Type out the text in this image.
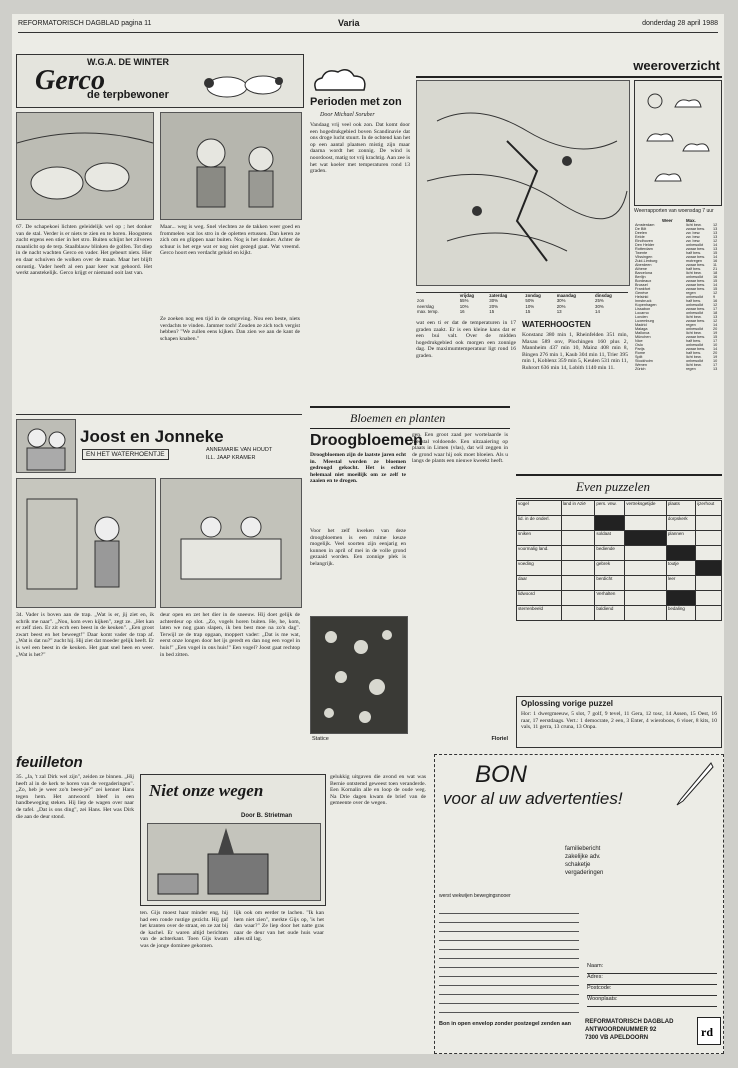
REFORMATORISCH DAGBLAD pagina 11	Varia	donderdag 28 april 1988
W.G.A. DE WINTER
Gerco
de terpbewoner
67. De schapekoei lichten geleidelijk wel op ; het donker van de stal. Verder is er niets te zien en te horen. Hoogstens zucht ergens een stier in het stro. Buiten schijnt het zilveren maanlicht op de terp. Staalblauw blinken de golfen. Tot diep in de nacht wachten Gerco en vader. Het gebeurt niets. Hier en daar schuiven de wolken over de maan. Maar het blijft onrustig. Vader heeft al een paar keer wat gehoord. Het werkt aanstekelijk. Gerco krijgt er niemand ooit last van.
Maar... weg is weg. Snel vlechten ze de takken weer goed en frommelen wat los stro in de opletten ertussen. Dan keren ze zich om en glippen naar buiten. Nog is het donker. Achter de schuur is het erge wat er nog niet gezegd gaat. Wat vreemd. Gerco hoort een verdacht geluid en kijkt.
Ze zoeken nog een tijd in de omgeving. Nou een beste, niets verdachts te vinden. Jammer toch! Zouden ze zich toch vergist hebben? "We zullen eens kijken. Dan zien we aan de kant de schapen knaben."
Joost en Jonneke
EN HET WATERHOENTJE
ANNEMARIE VAN HOUDT
ILL. JAAP KRAMER
34. Vader is boven aan de trap. „Wat is er, jij ziet en, ik schrik me naar". „Nou, kom even kijken", zegt ze. „Het kan er zelf zien. Er zit ecrh een beest in de keuken". „Een groot zwart beest en het beweegt!" Daar komt vader de trap af. „Wat is dat nu?" zucht hij. Hij ziet dat moeder gelijk heeft. Er is wel een beest in de keuken. Het gaat snel heen en weer. „Wat is het?"
deur open en zet het dier in de sneeuw. Hij doet gelijk de achterdeur op slot. „Zo, vogels horen buiten. He, he, kom, laten we nog gaan slapen, ik ben best moe na zo'n dag". Terwijl ze de trap opgaan, moppert vader: „Dat is me wat, eerst onze longen door het ijs geredt en dan nog een vogel in huis!" „Een vogel in ons huis!" Een vogel? Joost gaat rechtop in bed zitten.
feuilleton
35. „Ja, 't zal Dirk wel zijn", zeiden ze binnen. „Hij heeft al in de kerk te horen van de vergaderingen". „Zo, heb je weer zo'n beest-je?" zei kenner Hans tegen hem. Het antwoord bleef in een handbeweging steken. Hij liep de wagen over naar de tafel. „Dat is ons ding", zei Hans. Het was Dirk die aan de deur stond.
Niet onze wegen
Door B. Strietman
ten. Gijs moest haar minder eng, hij had een ronde rustige gezicht. Hij gaf het kranten over de straat, en ze zat bij de kachel. Er waren altijd berichten van de achterkant. Toen Gijs kwam was de jonge dominee gekomen.
lijk ook om eerder te lachen. "Ik kan hem niet zien", merkte Gijs op, 'is het dan waar?" Ze liep door het natte gras naar de deur van het oude huis waar alles stil lag.
gelukkig uitgaven die avond en wat was Bernie ontstemd geweest toen veranderde. Een Kornalin alle en loop de oude weg. Na Drie dagen kwam de brief van de gemeente over de wegen.
Perioden met zon
Door Michael Soruber
Vandaag vrij veel ook zon. Dat komt door een hogedrukgebied boven Scandinavie dat ons droge lucht stuurt. In de ochtend kan het op een aantal plaatsen mistig zijn maar daarna wordt het zonnig. De wind is noordoost, matig tot vrij krachtig. Aan zee is het wat koeler met temperaturen rond 13 graden.
weeroverzicht
Weerrapporten van woensdag 7 uur
Weer	Max.	
Amsterdam	licht bew.	12
De Bilt	zwaar bew.	13
Deelen	zw. bew.	13
Eelde	zw. bew.	13
Eindhoven	zw. bew.	12
Den Helder	onbewolkt	14
Rotterdam	zwaar bew.	13
Twente	half bew.	15
Vlissingen	zwaar bew.	14
Zuid-Limburg	motregen	16
Aberdeen	zwaar bew.	11
Athene	half bew.	21
Barcelona	licht bew.	18
Berlijn	onbewolkt	16
Bordeaux	zwaar bew.	15
Brussel	zwaar bew.	14
Frankfort	zwaar bew.	15
Genève	regen	12
Helsinki	onbewolkt	9
Innsbruck	half bew.	16
Kopenhagen	onbewolkt	12
Lissabon	zwaar bew.	17
Locarno	onbewolkt	18
Londen	licht bew.	13
Luxemburg	zwaar bew.	12
Madrid	regen	14
Malaga	onbewolkt	20
Mallorca	licht bew.	19
München	zwaar bew.	15
Nice	half bew.	17
Oslo	onbewolkt	10
Parijs	zwaar bew.	14
Rome	half bew.	20
Split	licht bew.	19
Stockholm	onbewolkt	10
Wenen	licht bew.	17
Zürich	regen	13
	vrijdag	zaterdag	zondag	maandag	dinsdag
zon	55%	30%	50%	30%	25%
neerslag	10%	20%	10%	20%	30%
max. temp.	16	15	15	13	14
wat een ti er dat de temperaturen in 17 graden zaakt. Er is een kleine kans dat er een bui valt. Over de midden hogedrukgebied ook morgen een zonnige dag. De maximumtemperatuur ligt rond 16 graden.
WATERHOOGTEN
Konstanz 380 min 1, Rheinfelden 351 min, Maxau 589 onv, Plochingen 160 plus 2, Mannheim 437 min 10, Mainz 408 min 8, Bingen 276 min 1, Kaub 304 min 11, Trier 395 min 1, Koblenz 359 min 5, Keulen 531 min 11, Ruhrort 636 min 14, Lobith 1140 min 11.
Bloemen en planten
Droogbloemen
Droogbloemen zijn de laatste jaren echt in. Meestal worden ze bloemen gedroogd gekocht. Het is echter helemaal niet moeilijk om ze zelf te zaaien en te drogen.
Voor het zelf kweken van deze droogbloemen is een ruime keuze mogelijk. Veel soorten zijn eenjarig en kunnen in april of mei in de volle grond gezaaid worden. Een zonnige plek is belangrijk.
Statice
gen. Een groot zaad per wortelaarde is meestal voldoende. Een uitzaaiering op plaats in Limen (vlas), dat wil zeggen in de grond waar hij ook moet bloeien. Als u langs de plants een nieuwe kweekt heeft.
Floriel
Even puzzelen
vogel	land in Azië	pers. vnw.	vertreksgetijde	plaats	ijzerhout
lid. in de onderl.				dorpskerk	
sniken		soldaat		plannen	
voormalig land.		bediende			
voeding		gebrek		toutje	
daar		berdicht		leer	
lidwoord		Verhalten			
sterrenbeeld		baldiend		bedaling	
Oplossing vorige puzzel
Hor: 1 dwergmeeuw, 5 slot, 7 golf, 9 tevel, 11 Gera, 12 tosc, 14 Assen, 15 Oest, 16 raar, 17 eerstdaags. Vert.: 1 democrate, 2 een, 3 Enter, 4 wieroboos, 6 vloer, 8 kits, 10 vals, 11 gerra, 13 cruna, 13 Onpa.
BON
voor al uw advertenties!
familiebericht
zakelijke adv.
schaketje
vergaderingen
werst wekwijen bewegingsnooer
Naam:
Adres:
Postcode:
Woonplaats:
Bon in open envelop zonder postzegel zenden aan	REFORMATORISCH DAGBLAD
ANTWOORDNUMMER 92
7300 VB APELDOORN	rd
